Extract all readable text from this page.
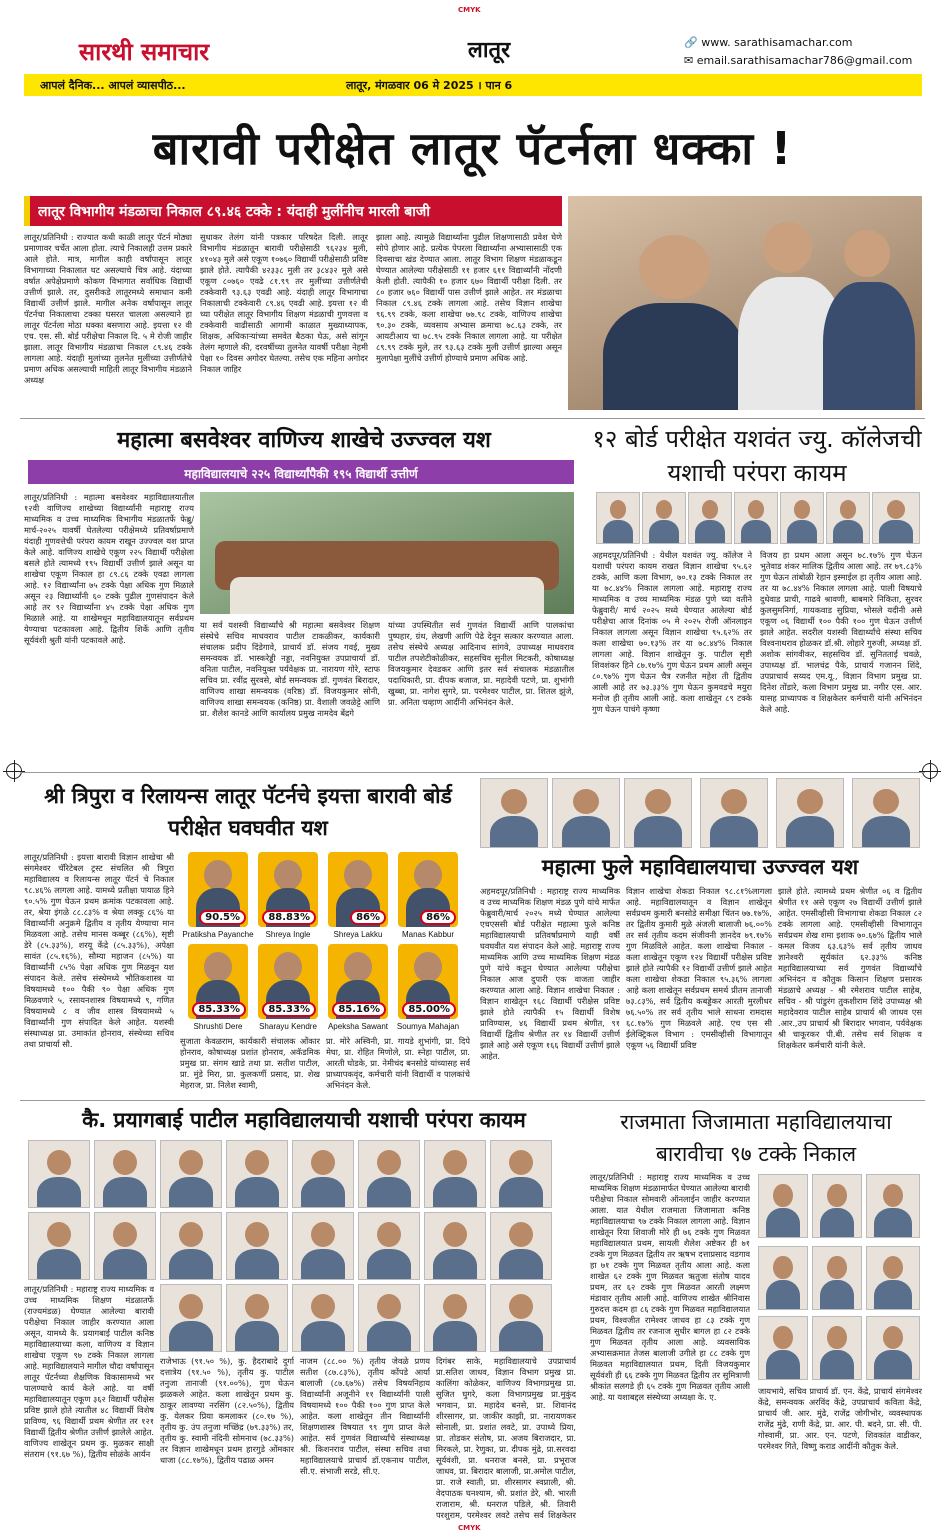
CMYK
CMYK
सारथी समाचार	लातूर	🔗 www. sarathisamachar.com
✉ email.sarathisamachar786@gmail.com
आपलं दैनिक... आपलं व्यासपीठ...	लातूर, मंगळवार 06 मे 2025 । पान 6
बारावी परीक्षेत लातूर पॅटर्नला धक्का !
लातूर विभागीय मंडळाचा निकाल ८९.४६ टक्के : यंदाही मुलींनीच मारली बाजी
लातूर/प्रतिनिधी : राज्यात कधी काळी लातूर पॅटर्न मोठ्या प्रमाणावर चर्चेत आला होता. त्याचे निकालही उत्तम प्रकारे आले होते. मात्र, मागील काही वर्षांपासून लातूर विभागाच्या निकालात घट असल्याचे चित्र आहे. यंदाच्या वर्षात अपेक्षेप्रमाणे कोकण विभागात सर्वाधिक विद्यार्थी उत्तीर्ण झाले. तर, दुसरीकडे लातूरमध्ये समाधान कमी विद्यार्थी उत्तीर्ण झाले. मागील अनेक वर्षांपासून लातूर पॅटर्नचा निकालाचा टक्का घसरत चालला असल्याने हा लातूर पॅटर्नला मोठा धक्का बसणारा आहे. इयत्ता १२ वी एच. एस. सी. बोर्ड परीक्षेचा निकाल दि. ५ मे रोजी जाहीर झाला. लातूर विभागीय मंडळाचा निकाल ८९.४६ टक्के लागला आहे. यंदाही मुलांच्या तुलनेत मुलींच्या उत्तीर्णतेचे प्रमाण अधिक असल्याची माहिती लातूर विभागीय मंडळाने अध्यक्ष
सुधाकर तेलंग यांनी पत्रकार परिषदेत दिली. लातूर विभागीय मंडळातून बारावी परीक्षेसाठी ९६२३४ मुली, ४१०४३ मुले असे एकूण १०७६० विद्यार्थी परीक्षेसाठी प्रविष्ट झाले होते. त्यापैकी ४२३३८ मुली तर ३८४३२ मुले असे एकूण ८०७६० एवढे ८१.९९ तर मुलींच्या उत्तीर्णतेची टक्केवारी ९३.६३ एवढी आहे. यंदाही लातूर विभागाचा निकालाची टक्केवारी ८९.४६ एवढी आहे. इयत्ता १२ वी च्या परीक्षेत लातूर विभागीय शिक्षण मंडळाची गुणवत्ता व टक्केवारी वाढीसाठी आगामी काळात मुख्याध्यापक, शिक्षक, अधिकाऱ्यांच्या समवेत बैठका घेऊ, असे सांगून तेलंग म्हणाले की, दरवर्षीच्या तुलनेत यावर्षी परीक्षा नेहमी पेक्षा १० दिवस अगोदर घेतल्या. तसेच एक महिना अगोदर निकाल जाहिर
झाला आहे. त्यामुळे विद्यार्थ्यांना पुढील शिक्षणासाठी प्रवेश घेणे सोपे होणार आहे. प्रत्येक पेपरला विद्यार्थ्यांना अभ्यासासाठी एक दिवसाचा खंड देण्यात आला. लातूर विभाग शिक्षण मंडळाकडून घेण्यात आलेल्या परीक्षेसाठी ११ हजार ६११ विद्यार्थ्यांनी नोंदणी केली होती. त्यापैकी १० हजार ६७० विद्यार्थी परीक्षा दिली. तर ८० हजार ७६० विद्यार्थी पास उत्तीर्ण झाले आहेत. तर मंडळाचा निकाल ८९.४६ टक्के लागला आहे. तसेच विज्ञान शाखेचा ९६.९९ टक्के, कला शाखेचा ७७.९८ टक्के, वाणिज्य शाखेचा ९०.३० टक्के, व्यवसाय अभ्यास क्रमाचा ७८.६३ टक्के, तर आयटीआय चा ७८.९५ टक्के निकाल लागला आहे. या परीक्षेत ८९.९९ टक्के मुले, तर ९३.६३ टक्के मुली उत्तीर्ण झाल्या असून मुलापेक्षा मुलींचे उत्तीर्ण होण्याचे प्रमाण अधिक आहे.
महात्मा बसवेश्वर वाणिज्य शाखेचे उज्ज्वल यश
महाविद्यालयाचे २२५ विद्यार्थ्यांपैकी १९५ विद्यार्थी उत्तीर्ण
लातूर/प्रतिनिधी : महात्मा बसवेश्वर महाविद्यालयातील १२वी वाणिज्य शाखेच्या विद्यार्थ्यांनी महाराष्ट्र राज्य माध्यमिक व उच्च माध्यमिक विभागीय मंडळातर्फे फेब्रु/मार्च-२०२५ यावर्षी घेतलेल्या परीक्षेमध्ये प्रतिवर्षाप्रमाणे यंदाही गुणवत्तेची परंपरा कायम राखून उज्ज्वल यश प्राप्त केले आहे. वाणिज्य शाखेचे एकूण २२५ विद्यार्थी परीक्षेला बसले होते त्यामध्ये १९५ विद्यार्थी उत्तीर्ण झाले असून या शाखेचा एकूण निकाल हा ८९.८६ टक्के एवढा लागला आहे. १२ विद्यार्थ्यांना ७५ टक्के पेक्षा अधिक गुण मिळाले असून २३ विद्यार्थ्यांनी ६० टक्के पुढील गुणसंपादन केले आहे तर ९२ विद्यार्थ्यांना ४५ टक्के पेक्षा अधिक गुण मिळाले आहे. या शाखेमधून महाविद्यालयातून सर्वप्रथम येण्याचा पटकावला आहे. द्वितीय शिर्के आणि तृतीय सूर्यवंशी श्रुती यांनी पटकावले आहे.
या सर्व यशस्वी विद्यार्थ्यांचे श्री महात्मा बसवेश्वर शिक्षण संस्थेचे सचिव माधवराव पाटील टाकळीकर, कार्यकारी संचालक प्रदीप दिंडेगावे, प्राचार्य डॉ. संजय गवई, मुख्य समन्वयक डॉ. भास्करेड्डी नड्डा, नवनियुक्त उपप्राचार्या डॉ. वनिता पाटील, नवनियुक्त पर्यवेक्षक प्रा. नारायण गोरे, स्टाफ सचिव प्रा. रवींद्र सुरवसे, बोर्ड समन्वयक डॉ. गुणवंत बिरादार, वाणिज्य शाखा समन्वयक (वरिष्ठ) डॉ. विजयकुमार सोनी, वाणिज्य शाखा समन्वयक (कनिष्ठ) प्रा. वैशाली जवळेट्टे आणि प्रा. शैलेश कानडे आणि कार्यालय प्रमुख नामदेव बेंद्रगे
यांच्या उपस्थितीत सर्व गुणवंत विद्यार्थी आणि पालकांचा पुष्पहार, ग्रंथ, लेखणी आणि पेढे देवून सत्कार करण्यात आला. तसेच संस्थेचे अध्यक्ष आदिनाथ सांगवे, उपाध्यक्ष माधवराव पाटील तपशेटीकोळीकर, सहसचिव सुनील मिटकरी, कोषाध्यक्ष विजयकुमार देवडकर आणि इतर सर्व संचालक मंडळातील पदाधिकारी, प्रा. दीपक बजाज, प्रा. महादेवी पटणे, प्रा. शुभांगी खुब्बा, प्रा. नागेश सुगरे, प्रा. परमेश्वर पाटील, प्रा. शितल झुंजे, प्रा. अनिता चव्हाण आदींनी अभिनंदन केले.
१२ बोर्ड परीक्षेत यशवंत ज्यु. कॉलेजची यशाची परंपरा कायम
अहमदपूर/प्रतिनिधी : येथील यशवंत ज्यु. कॉलेज ने यशाची परंपरा कायम राखत विज्ञान शाखेचा ९५.६२ टक्के, आणि कला विभाग, ७०.१३ टक्के निकाल तर या ७८.४४% निकाल लागला आहे. महाराष्ट्र राज्य माध्यमिक व उच्च माध्यमिक मंडळ पुणे च्या वतीने फेब्रुवारी/ मार्च २०२५ मध्ये घेण्यात आलेल्या बोर्ड परीक्षेचा आज दिनांक ०५ मे २०२५ रोजी ऑनलाइन निकाल लागला असून विज्ञान शाखेचा ९५.६२% तर कला शाखेचा ७०.१३% तर या ७८.४४% निकाल लागला आहे. विज्ञान शाखेतून कु. पाटील सृष्टी शिवशंकर हिने ८७.१७% गुण घेऊन प्रथम आली असून ८०.९७% गुण घेऊन चैत्र रजनीत महेश ती द्वितीय आली आहे तर ७३.३३% गुण घेऊन कुमवडचे मयुरा मनोज ही तृतीय आली आहे. कला शाखेतून ८९ टक्के गुण घेऊन पाचंगे कृष्णा
विजय हा प्रथम आला असून ७८.१७% गुण घेऊन भुतेवाड शंकर मालिक द्वितीय आला आहे. तर ७९.८३% गुण घेऊन तांबोळी रेहान इस्माईल हा तृतीय आला आहे. तर या ७८.४४% निकाल लागला आहे. पाली विषयाचे दुधेवाड प्राची, गाढवे श्रावणी, बाबमारे निकिता, सुरवर कुलसुमनिर्गा, गायकवाड सुप्रिया, भोसले यदीनी असे एकूण ०६ विद्यार्थी १०० पैकी १०० गुण घेऊन उत्तीर्ण झाले आहेत. सदरील यशस्वी विद्यार्थ्यांचे संस्था सचिव विश्वनाथराव होळकर डॉ.श्री. लोहारे गुरुजी, अध्यक्ष डॉ. अशोक सांगवीकर, सहसचिव डॉ. सुनितताई चवळे, उपाध्यक्ष डॉ. भालचंद्र पैके, प्राचार्य गजानन शिंदे, उपप्राचार्य सय्यद एम.यू., विज्ञान विभाग प्रमुख प्रा. दिनेश तोंडारे, कला विभाग प्रमुख प्रा. नगीर एस. आर. यासह प्राध्यापक व शिक्षकेतर कर्मचारी यांनी अभिनंदन केले आहे.
श्री त्रिपुरा व रिलायन्स लातूर पॅटर्नचे इयत्ता बारावी बोर्ड परीक्षेत घवघवीत यश
लातूर/प्रतिनिधी : इयत्ता बारावी विज्ञान शाखेचा श्री संगमेश्वर चॅरिटेबल ट्रस्ट संचलित श्री त्रिपुरा महाविद्यालय व रिलायन्स लातूर पॅटर्न चे निकाल ९८.४६% लागला आहे. यामध्ये प्रतीक्षा पायाळ हिने ९०.५% गुण घेऊन प्रथम क्रमांक पटकावला आहे. तर, श्रेया इंगळे ८८.८३% व श्रेया लक्कू ८६% या विद्यार्थ्यांनी अनुक्रमे द्वितीय व तृतीय येण्याचा मान मिळवला आहे. तसेच मानस कब्बूर (८६%), सृष्टी डेरे (८५.३३%), शरयू केंद्रे (८५.३३%), अपेक्षा सावंत (८५.१६%), सौम्या महाजन (८५%) या विद्यार्थ्यांनी ८५% पेक्षा अधिक गुण मिळवून यश संपादन केले. तसेच संस्थेमध्ये भौतिकशास्त्र या विषयामध्ये १०० पैकी ९० पेक्षा अधिक गुण मिळवणारे ५, रसायनशास्त्र विषयामध्ये ९, गणित विषयामध्ये ८ व जीव शास्त्र विषयामध्ये ५ विद्यार्थ्यांनी गुण संपादित केले आहेत. यशस्वी संस्थाध्यक्ष प्रा. उमाकांत होनराव, संस्थेच्या सचिव तथा प्राचार्या सौ.
90.5%	88.83%	86%	86%
Pratiksha Payanche	Shreya Ingle	Shreya Lakku	Manas Kabbur
85.33%	85.33%	85.16%	85.00%
Shrushti Dere	Sharayu Kendre	Apeksha Sawant	Soumya Mahajan
सुजाता केवळराम, कार्यकारी संचालक ओंकार होनराव, कोषाध्यक्ष प्रशांत होनराव, अकॅडमिक प्रमुख प्रा. संगम खाडे तथा प्रा. सतीश पाटील, प्रा. मुंडे मिरा, प्रा. कुलकर्णी प्रसाद, प्रा. शेख मेहराज, प्रा. निलेश स्वामी,
प्रा. मोरे अस्विनी, प्रा. गायडे शुभांगी, प्रा. दिपे मेघा, प्रा. रोहित मिणोले, प्रा. स्नेहा पाटील, प्रा. आरती घोडके, प्रा. नेमीचंद बनसोडे यांच्यासह सर्व प्राध्यापकवृंद, कर्मचारी यांनी विद्यार्थी व पालकांचे अभिनंदन केले.
महात्मा फुले महाविद्यालयाचा उज्ज्वल यश
अहमदपूर/प्रतिनिधी : महाराष्ट्र राज्य माध्यमिक व उच्च माध्यमिक शिक्षण मंडळ पुणे यांचे मार्फत फेब्रुवारी/मार्च २०२५ मध्ये घेण्यात आलेल्या एचएससी बोर्ड परीक्षेत महात्मा फुले कनिष्ठ महाविद्यालयाची प्रतिवर्षाप्रमाणे याही वर्षी घवघवीत यश संपादन केले आहे. महाराष्ट्र राज्य माध्यमिक आणि उच्च माध्यमिक शिक्षण मंडळ पुणे यांचे कडून घेण्यात आलेल्या परीक्षेचा निकाल आज दुपारी एक वाजता जाहीर करण्यात आला आहे. विज्ञान शाखेचा निकाल : विज्ञान शाखेतून १६८ विद्यार्थी परीक्षेस प्रविष्ट झाले होते त्यापैकी १५ विद्यार्थी विशेष प्राविण्यास, ४६ विद्यार्थी प्रथम श्रेणीत, ९१ विद्यार्थी द्वितीय श्रेणीत तर १४ विद्यार्थी उत्तीर्ण झाले आहे असे एकूण १६६ विद्यार्थी उत्तीर्ण झाले आहेत.
विज्ञान शाखेचा शेकडा निकाल ९८.८१%लागला आहे. महाविद्यालयातून व विज्ञान शाखेतून सर्वप्रथम कुमारी बनसोडे समीक्षा चिंतन ७७.१७%, तर द्वितीय कुमारी मुळे अंजली बालाजी ७६.००% तर सर्व तृतीय कदम संजीवनी ज्ञानदेव ७९.१७% गुण मिळविले आहेत. कला शाखेचा निकाल - कला शाखेतून एकूण १२४ विद्यार्थी परीक्षेस प्रविष्ट झाले होते त्यापैकी १२ विद्यार्थी उत्तीर्ण झाले आहेत कला शाखेचा शेकडा निकाल ९५.३६% लागला आहे कला शाखेतून सर्वप्रथम समर्थ प्रीतम तानाजी ७३.८३%, सर्व द्वितीय कबड्डेकर आरती मुरलीधर ७६.५०% तर सर्व तृतीय भाले साधना रामदास ६८.१७% गुण मिळवले आहे. एच एस सी ईलेक्ट्रिकल विभाग : एमसीव्हीसी विभागातून एकूण ५६ विद्यार्थी प्रविष्ट
झाले होते. त्यामध्ये प्रथम श्रेणीत ०६ व द्वितीय श्रेणीत ११ असे एकूण २७ विद्यार्थी उत्तीर्ण झाले आहेत. एमसीव्हीसी विभागाचा शेकडा निकाल ८२ टक्के लागला आहे. एमसीव्हीसी विभागातून सर्वप्रथम शेख शमा इशाक ७०.६७% द्वितीय भाले कमल विजय ६३.६३% सर्व तृतीय जाधव ज्ञानेश्वरी सूर्यकांत ६२.३३% कनिष्ठ महाविद्यालयाच्या सर्व गुणवंत विद्यार्थ्यांचे अभिनंदन व कौतुक किसान शिक्षण प्रसारक मंडळाचे अध्यक्ष - श्री रमेशराव पाटील साहेब, सचिव - श्री पांडुरंग तुकशीराम शिंदे उपाध्यक्ष श्री महादेवराव पाटील साहेब प्राचार्य श्री जाधव एस .आर.,उप प्राचार्य श्री बिरादार भगवान, पर्यवेक्षक श्री चाकूरकर पी.बी. तसेच सर्व शिक्षक व शिक्षकेतर कर्मचारी यांनी केले.
कै. प्रयागबाई पाटील महाविद्यालयाची यशाची परंपरा कायम
लातूर/प्रतिनिधी : महाराष्ट्र राज्य माध्यमिक व उच्च माध्यमिक शिक्षण मंडळातर्फे (राज्यमंडळ) घेण्यात आलेल्या बारावी परीक्षेचा निकाल जाहीर करण्यात आला असून, यामध्ये कै. प्रयागबाई पाटील कनिष्ठ महाविद्यालयाच्या कला, वाणिज्य व विज्ञान शाखेचा एकूण ९७ टक्के निकाल लागला आहे. महाविद्यालयाने मागील चौदा वर्षांपासून लातूर पॅटर्नच्या शैक्षणिक विकासामध्ये भर पालण्याचे कार्य केले आहे. या वर्षी महाविद्यालयातून एकूण ३६२ विद्यार्थी परीक्षेस प्रविष्ट झाले होते त्यातील ४८ विद्यार्थी विशेष प्राविण्य, ९६ विद्यार्थी प्रथम श्रेणीत तर १२१ विद्यार्थी द्वितीय श्रेणीत उत्तीर्ण झालेले आहेत. वाणिज्य शाखेतून प्रथम कु. मुळकर साक्षी संतराम (९१.६७ %), द्वितीय सोळंके आर्यन
राजेभाऊ (९१.५० %), कु. हैदराबादे दुर्गा दत्तात्रेय (९१.५० %), तृतीय कु. पाटील तनुजा तानाजी (९१.००%), गुण घेऊन झळकले आहेत. कला शाखेतून प्रथम कु. ठाकूर लावण्या नरसिंग (८२.५०%), द्वितीय कु. येलकर प्रिया कमलाकर (८०.१७ %), तृतीय कु. उंप तनुजा मच्छिंद्र (७९.३३%) तर, तृतीय कु. स्वामी नंदिनी सोमनाथ (७८.३३%) तर विज्ञान शाखेमधून प्रथम हारगुडे ओंमकार धाजा (८८.१७%), द्वितीय पढाळ अमन
नाजम (८८.०० %) तृतीय जेवळे प्रणय सतीश (८७.८३%), तृतीय कोंपडे आर्या बालाजी (८७.६७%) तसेच विषयनिहाय विद्यार्थ्यांनी अजूनीने ११ विद्यार्थ्यांनी पाली विषयामध्ये १०० पैकी १०० गुण प्राप्त केले आहेत. कला शाखेतून तीन विद्यार्थ्यांनी शिक्षणशास्त्र विषयात ९९ गुण प्राप्त केले आहेत. सर्व गुणवंत विद्यार्थ्यांचे संस्थाध्यक्ष श्री. किशनराव पाटील, संस्था सचिव तथा महाविद्यालयाचे प्राचार्य डॉ.एकनाथ पाटील, सी.ए. संभाजी सरडे, सी.ए.
दिगंबर साके, महाविद्यालयाचे उपप्राचार्य प्रा.सतिश जाधव, विज्ञान विभाग प्रमुख प्रा. कालिंगा कोळेकर, वाणिज्य विभागप्रमुख प्रा. सुजित घुगरे, कला विभागप्रमुख प्रा.मुकुंद भगवान, प्रा. महादेव बनसे, प्रा. शिवानंद शीरसागर, प्रा. जाकीर काझी, प्रा. नारायणकर सोनाली, प्रा. प्रशांत लवटे, प्रा. उपाध्ये प्रिया, प्रा. तोडकर संतोष, प्रा. अजय बिराजदार, प्रा. मिरकले, प्रा. रेणुका, प्रा. दीपक मुंढे, प्रा.सरवदा सूर्यवंशी, प्रा. धनराज बनसे, प्रा. प्रभूराज जाधव, प्रा. बिरादार बालाजी, प्रा.अमोल पाटील, प्रा. राजे स्वाती, प्रा. शीरसागर स्वप्नाली, श्री. वेदपाठक घनश्याम, श्री. प्रशांत डेरे, श्री. भारती राजाराम, श्री. धनराज पडिले, श्री. तिवारी परशुराम, परमेश्वर लवटे तसेच सर्व शिक्षकेतर
राजमाता जिजामाता महाविद्यालयाचा बारावीचा ९७ टक्के निकाल
लातूर/प्रतिनिधी : महाराष्ट्र राज्य माध्यमिक व उच्च माध्यमिक शिक्षण मंडळामार्फत घेण्यात आलेल्या बारावी परीक्षेचा निकाल सोमवारी ऑनलाईन जाहीर करण्यात आला. यात येथील राजमाता जिजामाता कनिष्ठ महाविद्यालयाचा ९७ टक्के निकाल लागला आहे. विज्ञान शाखेतून रिया शिवाजी मोरे ही ७६ टक्के गुण मिळवत महाविद्यालयात प्रथम, सायली शैलेश अष्टेकर ही ७१ टक्के गुण मिळवत द्वितीय तर ऋषभ दत्ताप्रसाद वडगाव हा ७१ टक्के गुण मिळवत तृतीय आला आहे. कला शाखेत ६२ टक्के गुण मिळवत ऋतुजा संतोष यादव प्रथम, तर ६२ टक्के गुण मिळवत आरती लक्ष्मण मंडावार तृतीय आली आहे. वाणिज्य शाखेत श्रीनिवास गुरुदत्त कदम हा ८६ टक्के गुण मिळवत महाविद्यालयात प्रथम, विश्वजीत रामेश्वर जाधव हा ८३ टक्के गुण मिळवत द्वितीय तर रजनाज सुधीर बागल हा ८२ टक्के गुण मिळवत तृतीय आला आहे. व्यवसायिक अभ्यासक्रमात तेजस बालाजी उगीले हा ८८ टक्के गुण मिळवत महाविद्यालयात प्रथम, दिती विजयकुमार सूर्यवंशी ही ६६ टक्के गुण मिळवत द्वितीय तर सुमित्राणी श्रीकांत सलगडे ही ६५ टक्के गुण मिळवत तृतीय आली आहे. या यशाबद्दल संस्थेच्या अध्यक्षा के. ए.
जायभाये, सचिव प्राचार्य डॉ. एन. केंद्रे, प्राचार्य संगमेश्वर केंद्रे, समन्वयक अरविंद केंद्रे, उपप्राचार्य कविता केंद्रे, प्राचार्य जी. आर. मुंढे, राजेंद्र जोगीभोर, व्यवस्थापक राजेंद्र मुंढे, राणी केंद्रे, प्रा. आर. पी. बदने, प्रा. सी. पी. गोस्वामी, प्रा. आर. एन. पटणे, शिवकांत वाडीकर, परमेश्वर गिते, विष्णु कराड आदींनी कौतुक केले.
